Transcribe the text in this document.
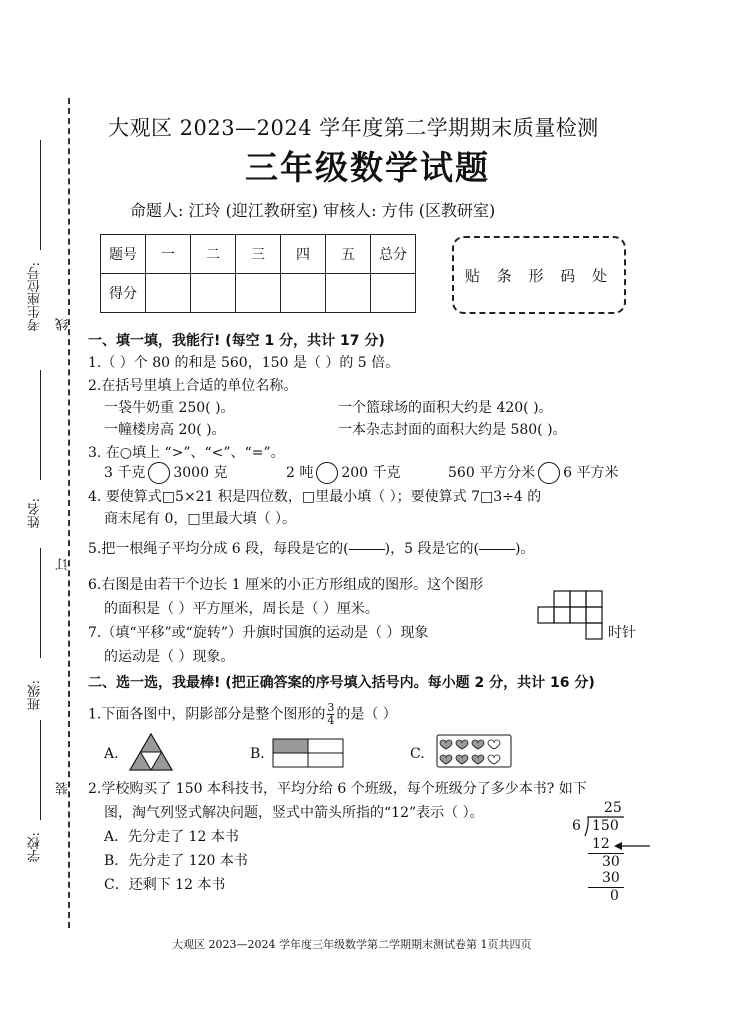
考生座位号: 线
姓名:
订
班级:
装
学校:
大观区 2023—2024 学年度第二学期期末质量检测
三年级数学试题
命题人: 江玲 (迎江教研室) 审核人: 方伟 (区教研室)
题号	一	二	三	四	五	总分
得分						
贴 条 形 码 处
一、填一填，我能行! (每空 1 分，共计 17 分)
1.（ ）个 80 的和是 560，150 是（ ）的 5 倍。
2.在括号里填上合适的单位名称。
一袋牛奶重 250( )。	一个篮球场的面积大约是 420( )。
一幢楼房高 20( )。	一本杂志封面的面积大约是 580( )。
3. 在○填上 “>”、“<”、“=”。
3 千克 3000 克	2 吨 200 千克	560 平方分米 6 平方米
4. 要使算式□5×21 积是四位数，□里最小填（ ）；要使算式 7□3÷4 的
商末尾有 0，□里最大填（ ）。
5.把一根绳子平均分成 6 段，每段是它的(	)，5 段是它的(	)。
6.右图是由若干个边长 1 厘米的小正方形组成的图形。这个图形
的面积是（ ）平方厘米，周长是（ ）厘米。
7.（填“平移”或“旋转”）升旗时国旗的运动是（ ）现象	时针
的运动是（ ）现象。
二、选一选，我最棒! (把正确答案的序号填入括号内。每小题 2 分，共计 16 分)
1.下面各图中，阴影部分是整个图形的 $\frac{3}{4}$ 的是（ ）
A.	B.	C.
2.学校购买了 150 本科技书，平均分给 6 个班级，每个班级分了多少本书? 如下
图，淘气列竖式解决问题，竖式中箭头所指的“12”表示（ ）。
A．先分走了 12 本书
B．先分走了 120 本书
C．还剩下 12 本书
25
6 150
12
30
30
0
大观区 2023—2024 学年度三年级数学第二学期期末测试卷第 1页共四页
